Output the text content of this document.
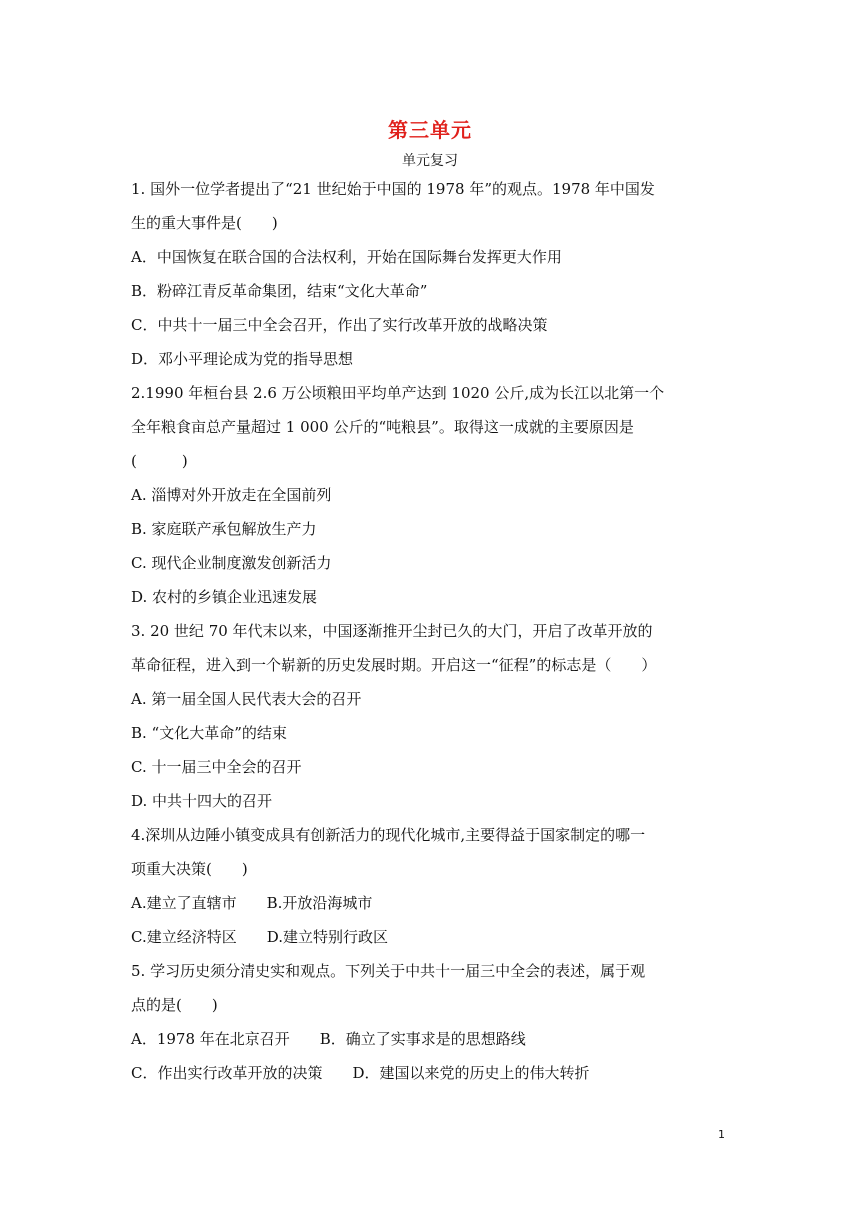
第三单元
单元复习
1. 国外一位学者提出了“21 世纪始于中国的 1978 年”的观点。1978 年中国发
生的重大事件是(　　)
A．中国恢复在联合国的合法权利，开始在国际舞台发挥更大作用
B．粉碎江青反革命集团，结束“文化大革命”
C．中共十一届三中全会召开，作出了实行改革开放的战略决策
D．邓小平理论成为党的指导思想
2.1990 年桓台县 2.6 万公顷粮田平均单产达到 1020 公斤,成为长江以北第一个
全年粮食亩总产量超过 1 000 公斤的“吨粮县”。取得这一成就的主要原因是
(　　　)
A. 淄博对外开放走在全国前列
B. 家庭联产承包解放生产力
C. 现代企业制度激发创新活力
D. 农村的乡镇企业迅速发展
3. 20 世纪 70 年代末以来，中国逐渐推开尘封已久的大门，开启了改革开放的
革命征程，进入到一个崭新的历史发展时期。开启这一“征程”的标志是（　　）
A. 第一届全国人民代表大会的召开
B. “文化大革命”的结束
C. 十一届三中全会的召开
D. 中共十四大的召开
4.深圳从边陲小镇变成具有创新活力的现代化城市,主要得益于国家制定的哪一
项重大决策(　　)
A.建立了直辖市　　B.开放沿海城市
C.建立经济特区　　D.建立特别行政区
5. 学习历史须分清史实和观点。下列关于中共十一届三中全会的表述，属于观
点的是(　　)
A．1978 年在北京召开　　B．确立了实事求是的思想路线
C．作出实行改革开放的决策　　D．建国以来党的历史上的伟大转折
1
